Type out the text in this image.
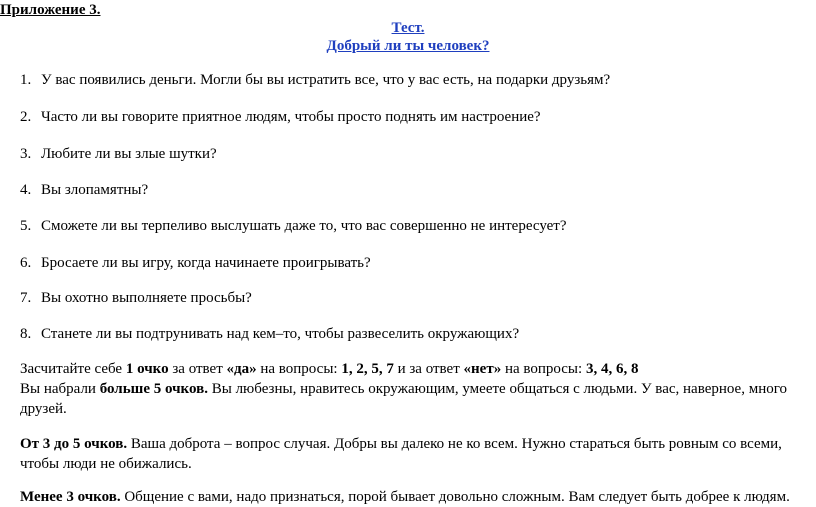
Приложение 3.
Тест.
Добрый ли ты человек?
1. У вас появились деньги. Могли бы вы истратить все, что у вас есть, на подарки друзьям?
2. Часто ли вы говорите приятное людям, чтобы просто поднять им настроение?
3. Любите ли вы злые шутки?
4. Вы злопамятны?
5. Сможете ли вы терпеливо выслушать даже то, что вас совершенно не интересует?
6. Бросаете ли вы игру, когда начинаете проигрывать?
7. Вы охотно выполняете просьбы?
8. Станете ли вы подтрунивать над кем–то, чтобы развеселить окружающих?
Засчитайте себе 1 очко за ответ «да» на вопросы: 1, 2, 5, 7 и за ответ «нет» на вопросы: 3, 4, 6, 8
Вы набрали больше 5 очков. Вы любезны, нравитесь окружающим, умеете общаться с людьми. У вас, наверное, много друзей.
От 3 до 5 очков. Ваша доброта – вопрос случая. Добры вы далеко не ко всем. Нужно стараться быть ровным со всеми, чтобы люди не обижались.
Менее 3 очков. Общение с вами, надо признаться, порой бывает довольно сложным. Вам следует быть добрее к людям.
